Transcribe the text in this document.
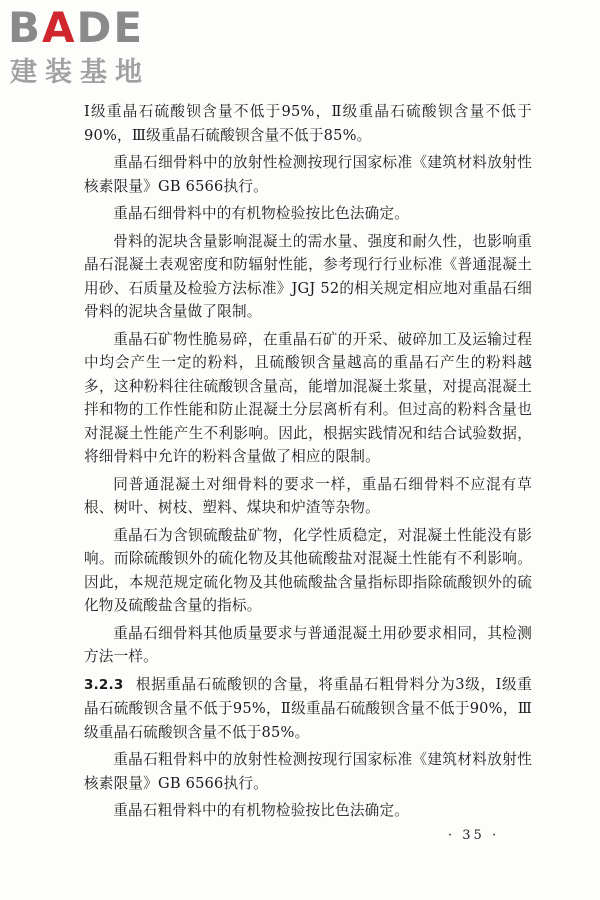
BADE
建装基地

Ⅰ级重晶石硫酸钡含量不低于95%，Ⅱ级重晶石硫酸钡含量不低于90%，Ⅲ级重晶石硫酸钡含量不低于85%。

重晶石细骨料中的放射性检测按现行国家标准《建筑材料放射性核素限量》GB 6566执行。

重晶石细骨料中的有机物检验按比色法确定。

骨料的泥块含量影响混凝土的需水量、强度和耐久性，也影响重晶石混凝土表观密度和防辐射性能，参考现行行业标准《普通混凝土用砂、石质量及检验方法标准》JGJ 52的相关规定相应地对重晶石细骨料的泥块含量做了限制。

重晶石矿物性脆易碎，在重晶石矿的开采、破碎加工及运输过程中均会产生一定的粉料，且硫酸钡含量越高的重晶石产生的粉料越多，这种粉料往往硫酸钡含量高，能增加混凝土浆量，对提高混凝土拌和物的工作性能和防止混凝土分层离析有利。但过高的粉料含量也对混凝土性能产生不利影响。因此，根据实践情况和结合试验数据，将细骨料中允许的粉料含量做了相应的限制。

同普通混凝土对细骨料的要求一样，重晶石细骨料不应混有草根、树叶、树枝、塑料、煤块和炉渣等杂物。

重晶石为含钡硫酸盐矿物，化学性质稳定，对混凝土性能没有影响。而除硫酸钡外的硫化物及其他硫酸盐对混凝土性能有不利影响。因此，本规范规定硫化物及其他硫酸盐含量指标即指除硫酸钡外的硫化物及硫酸盐含量的指标。

重晶石细骨料其他质量要求与普通混凝土用砂要求相同，其检测方法一样。

3.2.3 根据重晶石硫酸钡的含量，将重晶石粗骨料分为3级，Ⅰ级重晶石硫酸钡含量不低于95%，Ⅱ级重晶石硫酸钡含量不低于90%，Ⅲ级重晶石硫酸钡含量不低于85%。

重晶石粗骨料中的放射性检测按现行国家标准《建筑材料放射性核素限量》GB 6566执行。

重晶石粗骨料中的有机物检验按比色法确定。

· 35 ·
